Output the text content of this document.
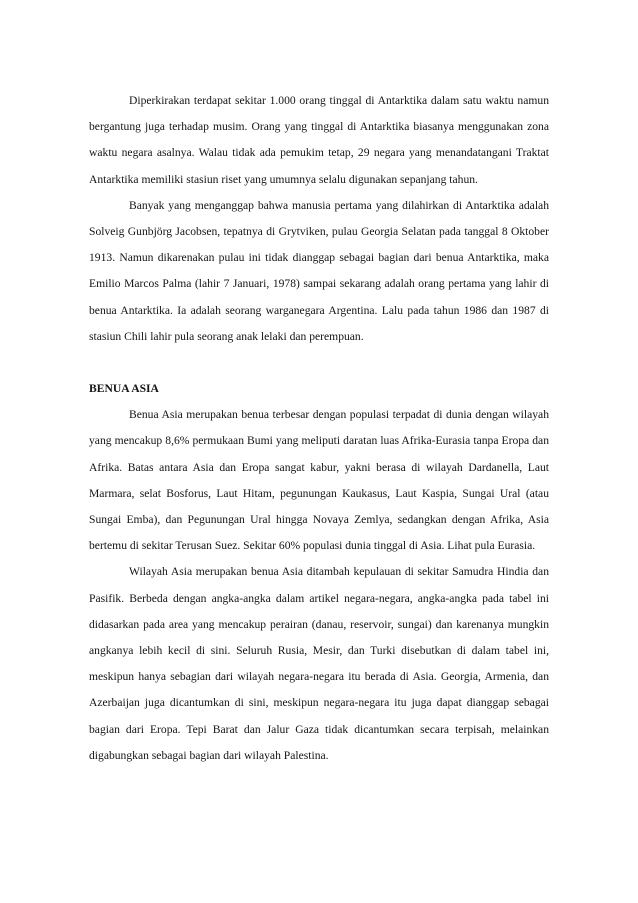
Diperkirakan terdapat sekitar 1.000 orang tinggal di Antarktika dalam satu waktu namun bergantung juga terhadap musim. Orang yang tinggal di Antarktika biasanya menggunakan zona waktu negara asalnya. Walau tidak ada pemukim tetap, 29 negara yang menandatangani Traktat Antarktika memiliki stasiun riset yang umumnya selalu digunakan sepanjang tahun.

Banyak yang menganggap bahwa manusia pertama yang dilahirkan di Antarktika adalah Solveig Gunbjörg Jacobsen, tepatnya di Grytviken, pulau Georgia Selatan pada tanggal 8 Oktober 1913. Namun dikarenakan pulau ini tidak dianggap sebagai bagian dari benua Antarktika, maka Emilio Marcos Palma (lahir 7 Januari, 1978) sampai sekarang adalah orang pertama yang lahir di benua Antarktika. Ia adalah seorang warganegara Argentina. Lalu pada tahun 1986 dan 1987 di stasiun Chili lahir pula seorang anak lelaki dan perempuan.

BENUA ASIA

Benua Asia merupakan benua terbesar dengan populasi terpadat di dunia dengan wilayah yang mencakup 8,6% permukaan Bumi yang meliputi daratan luas Afrika-Eurasia tanpa Eropa dan Afrika. Batas antara Asia dan Eropa sangat kabur, yakni berasa di wilayah Dardanella, Laut Marmara, selat Bosforus, Laut Hitam, pegunungan Kaukasus, Laut Kaspia, Sungai Ural (atau Sungai Emba), dan Pegunungan Ural hingga Novaya Zemlya, sedangkan dengan Afrika, Asia bertemu di sekitar Terusan Suez. Sekitar 60% populasi dunia tinggal di Asia. Lihat pula Eurasia.

Wilayah Asia merupakan benua Asia ditambah kepulauan di sekitar Samudra Hindia dan Pasifik. Berbeda dengan angka-angka dalam artikel negara-negara, angka-angka pada tabel ini didasarkan pada area yang mencakup perairan (danau, reservoir, sungai) dan karenanya mungkin angkanya lebih kecil di sini. Seluruh Rusia, Mesir, dan Turki disebutkan di dalam tabel ini, meskipun hanya sebagian dari wilayah negara-negara itu berada di Asia. Georgia, Armenia, dan Azerbaijan juga dicantumkan di sini, meskipun negara-negara itu juga dapat dianggap sebagai bagian dari Eropa. Tepi Barat dan Jalur Gaza tidak dicantumkan secara terpisah, melainkan digabungkan sebagai bagian dari wilayah Palestina.
